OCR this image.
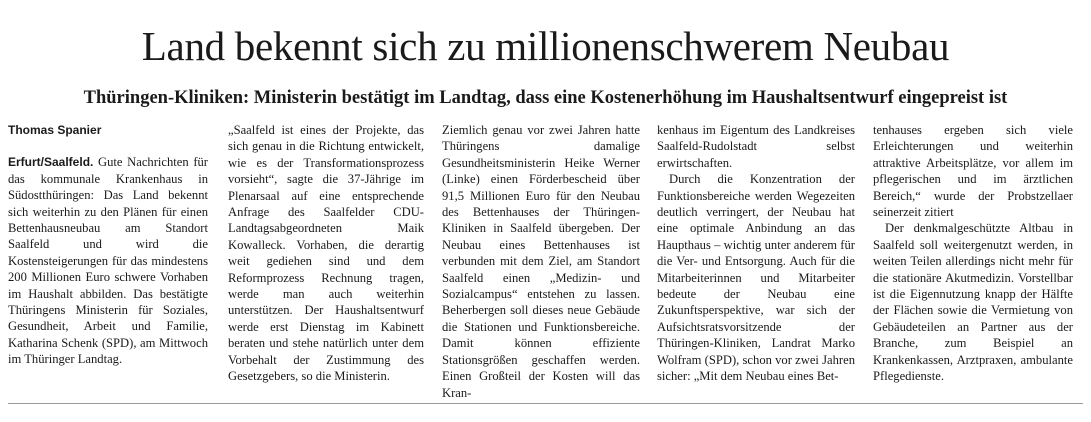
Land bekennt sich zu millionenschwerem Neubau
Thüringen-Kliniken: Ministerin bestätigt im Landtag, dass eine Kostenerhöhung im Haushaltsentwurf eingepreist ist

Thomas Spanier

Erfurt/Saalfeld. Gute Nachrichten für das kommunale Krankenhaus in Südostthüringen: Das Land bekennt sich weiterhin zu den Plänen für einen Bettenhausneubau am Standort Saalfeld und wird die Kostensteigerungen für das mindestens 200 Millionen Euro schwere Vorhaben im Haushalt abbilden. Das bestätigte Thüringens Ministerin für Soziales, Gesundheit, Arbeit und Familie, Katharina Schenk (SPD), am Mittwoch im Thüringer Landtag.

„Saalfeld ist eines der Projekte, das sich genau in die Richtung entwickelt, wie es der Transformationsprozess vorsieht“, sagte die 37-Jährige im Plenarsaal auf eine entsprechende Anfrage des Saalfelder CDU-Landtagsabgeordneten Maik Kowalleck. Vorhaben, die derartig weit gediehen sind und dem Reformprozess Rechnung tragen, werde man auch weiterhin unterstützen. Der Haushaltsentwurf werde erst Dienstag im Kabinett beraten und stehe natürlich unter dem Vorbehalt der Zustimmung des Gesetzgebers, so die Ministerin.

Ziemlich genau vor zwei Jahren hatte Thüringens damalige Gesundheitsministerin Heike Werner (Linke) einen Förderbescheid über 91,5 Millionen Euro für den Neubau des Bettenhauses der Thüringen-Kliniken in Saalfeld übergeben. Der Neubau eines Bettenhauses ist verbunden mit dem Ziel, am Standort Saalfeld einen „Medizin- und Sozialcampus“ entstehen zu lassen. Beherbergen soll dieses neue Gebäude die Stationen und Funktionsbereiche. Damit können effiziente Stationsgrößen geschaffen werden. Einen Großteil der Kosten will das Kran-

kenhaus im Eigentum des Landkreises Saalfeld-Rudolstadt selbst erwirtschaften.

Durch die Konzentration der Funktionsbereiche werden Wegezeiten deutlich verringert, der Neubau hat eine optimale Anbindung an das Haupthaus – wichtig unter anderem für die Ver- und Entsorgung. Auch für die Mitarbeiterinnen und Mitarbeiter bedeute der Neubau eine Zukunftsperspektive, war sich der Aufsichtsratsvorsitzende der Thüringen-Kliniken, Landrat Marko Wolfram (SPD), schon vor zwei Jahren sicher: „Mit dem Neubau eines Bet-

tenhauses ergeben sich viele Erleichterungen und weiterhin attraktive Arbeitsplätze, vor allem im pflegerischen und im ärztlichen Bereich,“ wurde der Probstzellaer seinerzeit zitiert

Der denkmalgeschützte Altbau in Saalfeld soll weitergenutzt werden, in weiten Teilen allerdings nicht mehr für die stationäre Akutmedizin. Vorstellbar ist die Eigennutzung knapp der Hälfte der Flächen sowie die Vermietung von Gebäudeteilen an Partner aus der Branche, zum Beispiel an Krankenkassen, Arztpraxen, ambulante Pflegedienste.
